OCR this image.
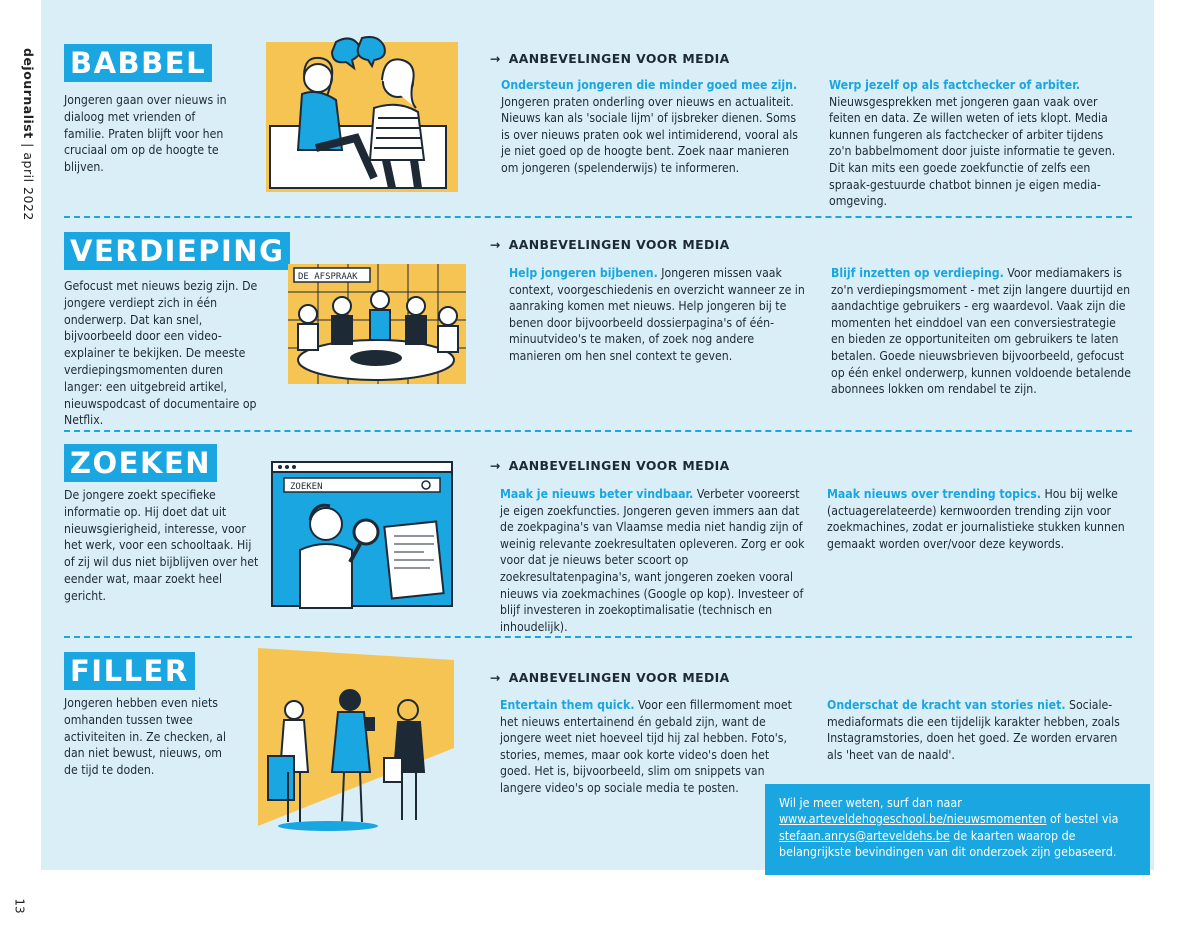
dejournalist | april 2022
13
BABBEL
Jongeren gaan over nieuws in dialoog met vrienden of familie. Praten blijft voor hen cruciaal om op de hoogte te blijven.
→ AANBEVELINGEN VOOR MEDIA
Ondersteun jongeren die minder goed mee zijn. Jongeren praten onderling over nieuws en actualiteit. Nieuws kan als 'sociale lijm' of ijsbreker dienen. Soms is over nieuws praten ook wel intimiderend, vooral als je niet goed op de hoogte bent. Zoek naar manieren om jongeren (spelenderwijs) te informeren.
Werp jezelf op als factchecker of arbiter. Nieuwsgesprekken met jongeren gaan vaak over feiten en data. Ze willen weten of iets klopt. Media kunnen fungeren als factchecker of arbiter tijdens zo'n babbelmoment door juiste informatie te geven. Dit kan mits een goede zoekfunctie of zelfs een spraak-gestuurde chatbot binnen je eigen media-omgeving.
VERDIEPING
Gefocust met nieuws bezig zijn. De jongere verdiept zich in één onderwerp. Dat kan snel, bijvoorbeeld door een video-explainer te bekijken. De meeste verdiepingsmomenten duren langer: een uitgebreid artikel, nieuwspodcast of documentaire op Netflix.
DE AFSPRAAK
→ AANBEVELINGEN VOOR MEDIA
Help jongeren bijbenen. Jongeren missen vaak context, voorgeschiedenis en overzicht wanneer ze in aanraking komen met nieuws. Help jongeren bij te benen door bijvoorbeeld dossierpagina's of één-minuutvideo's te maken, of zoek nog andere manieren om hen snel context te geven.
Blijf inzetten op verdieping. Voor mediamakers is zo'n verdiepingsmoment - met zijn langere duurtijd en aandachtige gebruikers - erg waardevol. Vaak zijn die momenten het einddoel van een conversiestrategie en bieden ze opportuniteiten om gebruikers te laten betalen. Goede nieuwsbrieven bijvoorbeeld, gefocust op één enkel onderwerp, kunnen voldoende betalende abonnees lokken om rendabel te zijn.
ZOEKEN
De jongere zoekt specifieke informatie op. Hij doet dat uit nieuwsgierigheid, interesse, voor het werk, voor een schooltaak. Hij of zij wil dus niet bijblijven over het eender wat, maar zoekt heel gericht.
ZOEKEN
→ AANBEVELINGEN VOOR MEDIA
Maak je nieuws beter vindbaar. Verbeter vooreerst je eigen zoekfuncties. Jongeren geven immers aan dat de zoekpagina's van Vlaamse media niet handig zijn of weinig relevante zoekresultaten opleveren. Zorg er ook voor dat je nieuws beter scoort op zoekresultatenpagina's, want jongeren zoeken vooral nieuws via zoekmachines (Google op kop). Investeer of blijf investeren in zoekoptimalisatie (technisch en inhoudelijk).
Maak nieuws over trending topics. Hou bij welke (actuagerelateerde) kernwoorden trending zijn voor zoekmachines, zodat er journalistieke stukken kunnen gemaakt worden over/voor deze keywords.
FILLER
Jongeren hebben even niets omhanden tussen twee activiteiten in. Ze checken, al dan niet bewust, nieuws, om de tijd te doden.
→ AANBEVELINGEN VOOR MEDIA
Entertain them quick. Voor een fillermoment moet het nieuws entertainend én gebald zijn, want de jongere weet niet hoeveel tijd hij zal hebben. Foto's, stories, memes, maar ook korte video's doen het goed. Het is, bijvoorbeeld, slim om snippets van langere video's op sociale media te posten.
Onderschat de kracht van stories niet. Sociale-mediaformats die een tijdelijk karakter hebben, zoals Instagramstories, doen het goed. Ze worden ervaren als 'heet van de naald'.
Wil je meer weten, surf dan naar www.arteveldehogeschool.be/nieuwsmomenten of bestel via stefaan.anrys@arteveldehs.be de kaarten waarop de belangrijkste bevindingen van dit onderzoek zijn gebaseerd.
